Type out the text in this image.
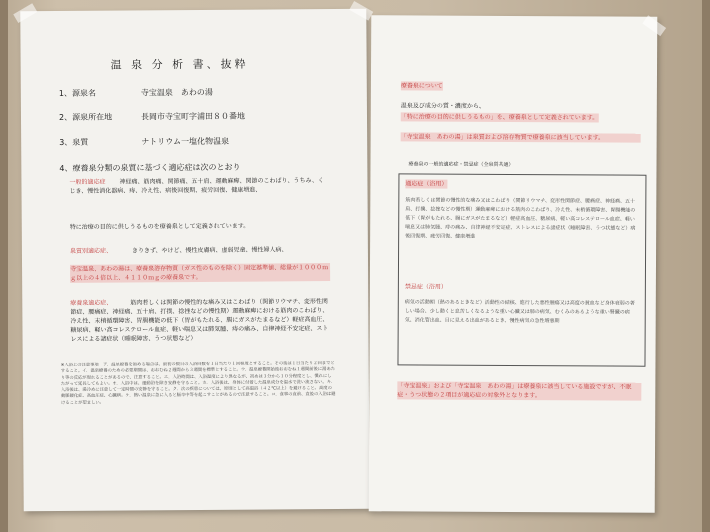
温 泉 分 析 書、抜粋
1、源泉名	寺宝温泉　あわの湯
2、源泉所在地	長岡市寺宝町字浦田８０番地
3、泉質	ナトリウム一塩化物温泉
4、療養泉分類の泉質に基づく適応症は次のとおり
一般的適応症	神経痛、筋肉痛、関節痛、五十肩、運動麻痺、関節のこわばり、うちみ、くじき、慢性消化器病、痔、冷え性、病後回復期、疲労回復、健康増進、
特に治療の目的に供しうるものを療養泉として定義されています。
泉質別適応症、	きりきず、やけど、慢性皮膚病、虚弱児童、慢性婦人病、
寺宝温泉、あわの湯は、療養泉溶存物質（ガス性のものを除く）固定基準値、総量が１０００ｍｇ以上の４倍以上、４１１０ｍｇの療養泉です。
療養泉適応症、	筋肉若しくは関節の慢性的な痛み又はこわばり（関節リウマチ、変形性関節症、腰痛症、神経痛、五十肩、打撲、捻挫などの慢性期）運動麻痺における筋肉のこわばり、冷え性、末梢循環障害、胃腸機能の低下（胃がもたれる、腸にガスがたまるなど）軽症高血圧、糖尿病、軽い高コレステロール血症、軽い喘息又は肺気腫、痔の痛み、自律神経不安定症、ストレスによる諸症状（睡眠障害、うつ状態など）
※入浴上の注意事項　ア．温泉療養を始める場合は、最初の数日の入浴回数を１日当たり１回程度とすること。その後は１日当たり２回までとすること。イ．温泉療養のための必要期間は、おおむね２週間から３週間を標準とすること。ウ．温泉療養開始後おおむね１週間前後に湯あたり等の反応が現れることがあるので、注意すること。エ．入浴時間は、入浴温度により異なるが、初めは３分から１０分程度とし、慣れにしたがって延長してもよい。オ．入浴中は、運動浴を除き安静を守ること。カ．入浴後は、身体に付着した温泉成分を温水で洗い流さない。キ．入浴後は、湯冷めに注意して一定時間の安静を守ること。ク．次の疾患については、原則として高温浴（４２℃以上）を避けること。高度の動脈硬化症、高血圧症、心臓病。ケ．熱い温泉に急に入ると脳卒中等を起こすことがあるので注意すること。コ．食事の直前、直後の入浴は避けることが望ましい。
療養泉について
温泉及び成分の質・濃度から、
「特に治療の目的に供しうるもの」を、療養泉として定義されています。
「寺宝温泉　あわの湯」は泉質および溶存物質で療養泉に該当しています。
療養泉の一般的適応症・禁忌症（全泉質共通）
適応症（浴用）
筋肉若しくは関節の慢性的な痛み又はこわばり（関節リウマチ、変形性関節症、腰痛症、神経痛、五十肩、打撲、捻挫などの慢性期）運動麻痺における筋肉のこわばり、冷え性、末梢循環障害、胃腸機能の低下（胃がもたれる、腸にガスがたまるなど）軽症高血圧、糖尿病、軽い高コレステロール血症、軽い喘息又は肺気腫、痔の痛み、自律神経不安定症、ストレスによる諸症状（睡眠障害、うつ状態など）病後回復期、疲労回復、健康増進
禁忌症（浴用）
病気の活動期（熱のあるときなど）活動性の結核、進行した悪性腫瘍又は高度の貧血など身体衰弱の著しい場合、少し動くと息苦しくなるような重い心臓又は肺の病気、むくみのあるような重い腎臓の病気、消化管出血、目に見える出血があるとき、慢性病気の急性増悪期
「寺宝温泉」および「寺宝温泉　あわの湯」は療養泉に該当している施設ですが、不眠症・うつ状態の２項目が適応症の対象外となります。
